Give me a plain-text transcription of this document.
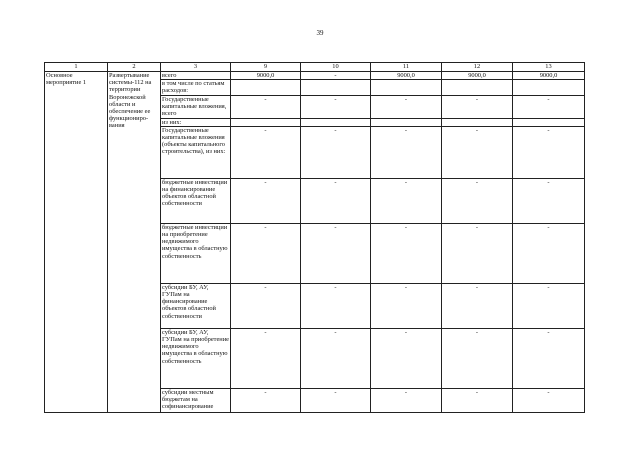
39
1	2	3	9	10	11	12	13
Основное мероприятие 1	Развертывание системы-112 на территории Воронежской области и обеспечение ее функциониро-вания	всего	9000,0	-	9000,0	9000,0	9000,0
		в том числе по статьям расходов:					
		Государственные капитальные вложения, всего	-	-	-	-	-
		из них:					
		Государственные капитальные вложения (объекты капитального строительства), из них:	-	-	-	-	-
		бюджетные инвестиции на финансирование объектов областной собственности	-	-	-	-	-
		бюджетные инвестиции на приобретение недвижимого имущества в областную собственность	-	-	-	-	-
		субсидии БУ, АУ, ГУПам на финансирование объектов областной собственности	-	-	-	-	-
		субсидии БУ, АУ, ГУПам на приобретение недвижимого имущества в областную собственность	-	-	-	-	-
		субсидии местным бюджетам на софинансирование	-	-	-	-	-
